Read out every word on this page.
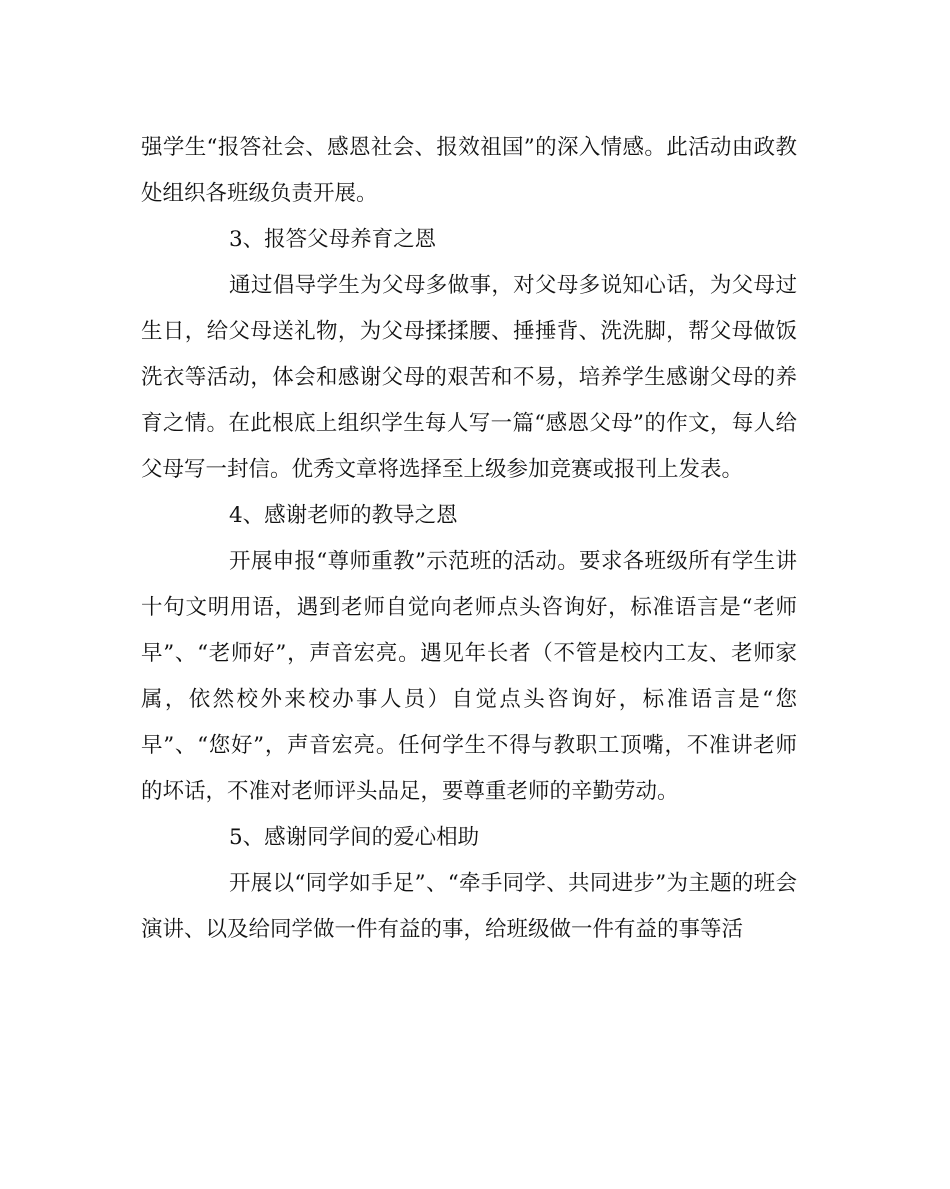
强学生“报答社会、感恩社会、报效祖国”的深入情感。此活动由政教处组织各班级负责开展。

3、报答父母养育之恩

通过倡导学生为父母多做事，对父母多说知心话，为父母过生日，给父母送礼物，为父母揉揉腰、捶捶背、洗洗脚，帮父母做饭洗衣等活动，体会和感谢父母的艰苦和不易，培养学生感谢父母的养育之情。在此根底上组织学生每人写一篇“感恩父母”的作文，每人给父母写一封信。优秀文章将选择至上级参加竞赛或报刊上发表。

4、感谢老师的教导之恩

开展申报“尊师重教”示范班的活动。要求各班级所有学生讲十句文明用语，遇到老师自觉向老师点头咨询好，标准语言是“老师早”、“老师好”，声音宏亮。遇见年长者（不管是校内工友、老师家属，依然校外来校办事人员）自觉点头咨询好，标准语言是“您早”、“您好”，声音宏亮。任何学生不得与教职工顶嘴，不准讲老师的坏话，不准对老师评头品足，要尊重老师的辛勤劳动。

5、感谢同学间的爱心相助

开展以“同学如手足”、“牵手同学、共同进步”为主题的班会演讲、以及给同学做一件有益的事，给班级做一件有益的事等活
